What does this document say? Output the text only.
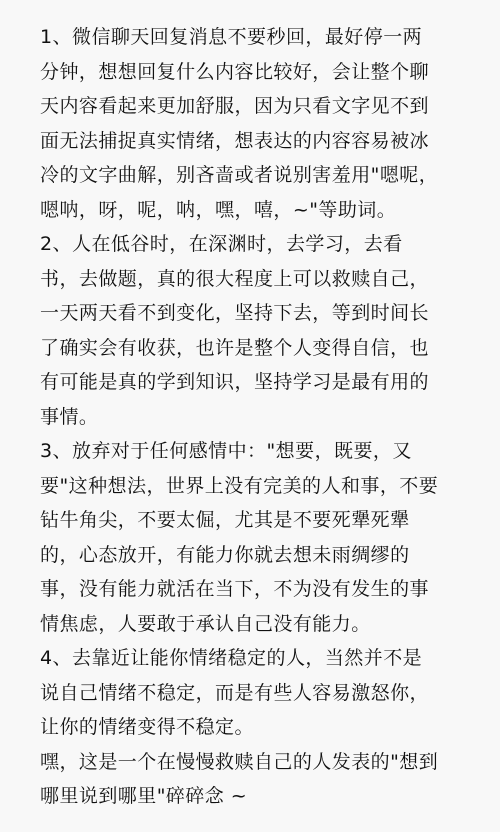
1、微信聊天回复消息不要秒回，最好停一两
分钟，想想回复什么内容比较好，会让整个聊
天内容看起来更加舒服，因为只看文字见不到
面无法捕捉真实情绪，想表达的内容容易被冰
冷的文字曲解，别吝啬或者说别害羞用"嗯呢，
嗯呐，呀，呢，呐，嘿，嘻，~"等助词。
2、人在低谷时，在深渊时，去学习，去看
书，去做题，真的很大程度上可以救赎自己，
一天两天看不到变化，坚持下去，等到时间长
了确实会有收获，也许是整个人变得自信，也
有可能是真的学到知识，坚持学习是最有用的
事情。
3、放弃对于任何感情中："想要，既要，又
要"这种想法，世界上没有完美的人和事，不要
钻牛角尖，不要太倔，尤其是不要死犟死犟
的，心态放开，有能力你就去想未雨绸缪的
事，没有能力就活在当下，不为没有发生的事
情焦虑，人要敢于承认自己没有能力。
4、去靠近让能你情绪稳定的人，当然并不是
说自己情绪不稳定，而是有些人容易激怒你，
让你的情绪变得不稳定。
嘿，这是一个在慢慢救赎自己的人发表的"想到
哪里说到哪里"碎碎念 ~
